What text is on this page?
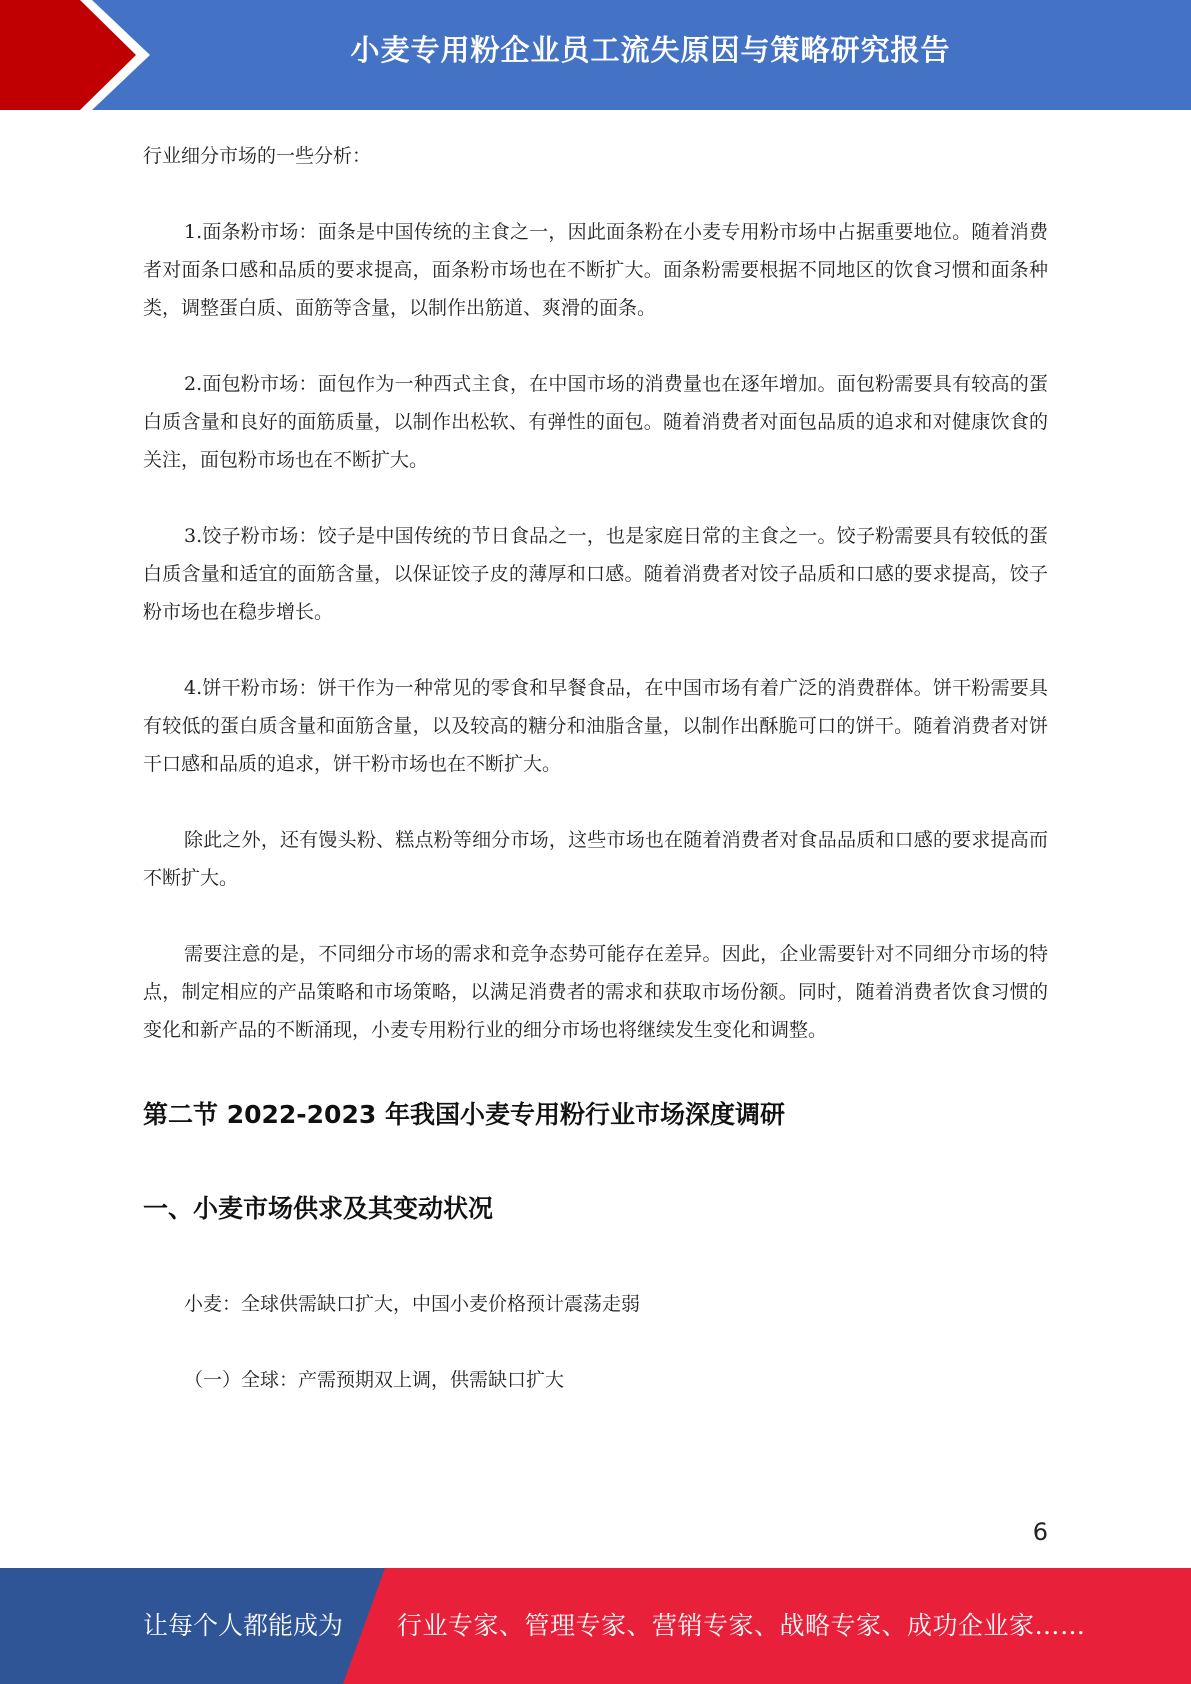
小麦专用粉企业员工流失原因与策略研究报告

行业细分市场的一些分析：

1.面条粉市场：面条是中国传统的主食之一，因此面条粉在小麦专用粉市场中占据重要地位。随着消费者对面条口感和品质的要求提高，面条粉市场也在不断扩大。面条粉需要根据不同地区的饮食习惯和面条种类，调整蛋白质、面筋等含量，以制作出筋道、爽滑的面条。

2.面包粉市场：面包作为一种西式主食，在中国市场的消费量也在逐年增加。面包粉需要具有较高的蛋白质含量和良好的面筋质量，以制作出松软、有弹性的面包。随着消费者对面包品质的追求和对健康饮食的关注，面包粉市场也在不断扩大。

3.饺子粉市场：饺子是中国传统的节日食品之一，也是家庭日常的主食之一。饺子粉需要具有较低的蛋白质含量和适宜的面筋含量，以保证饺子皮的薄厚和口感。随着消费者对饺子品质和口感的要求提高，饺子粉市场也在稳步增长。

4.饼干粉市场：饼干作为一种常见的零食和早餐食品，在中国市场有着广泛的消费群体。饼干粉需要具有较低的蛋白质含量和面筋含量，以及较高的糖分和油脂含量，以制作出酥脆可口的饼干。随着消费者对饼干口感和品质的追求，饼干粉市场也在不断扩大。

除此之外，还有馒头粉、糕点粉等细分市场，这些市场也在随着消费者对食品品质和口感的要求提高而不断扩大。

需要注意的是，不同细分市场的需求和竞争态势可能存在差异。因此，企业需要针对不同细分市场的特点，制定相应的产品策略和市场策略，以满足消费者的需求和获取市场份额。同时，随着消费者饮食习惯的变化和新产品的不断涌现，小麦专用粉行业的细分市场也将继续发生变化和调整。

第二节 2022-2023 年我国小麦专用粉行业市场深度调研
一、小麦市场供求及其变动状况

小麦：全球供需缺口扩大，中国小麦价格预计震荡走弱

（一）全球：产需预期双上调，供需缺口扩大

6
让每个人都能成为 行业专家、管理专家、营销专家、战略专家、成功企业家……
